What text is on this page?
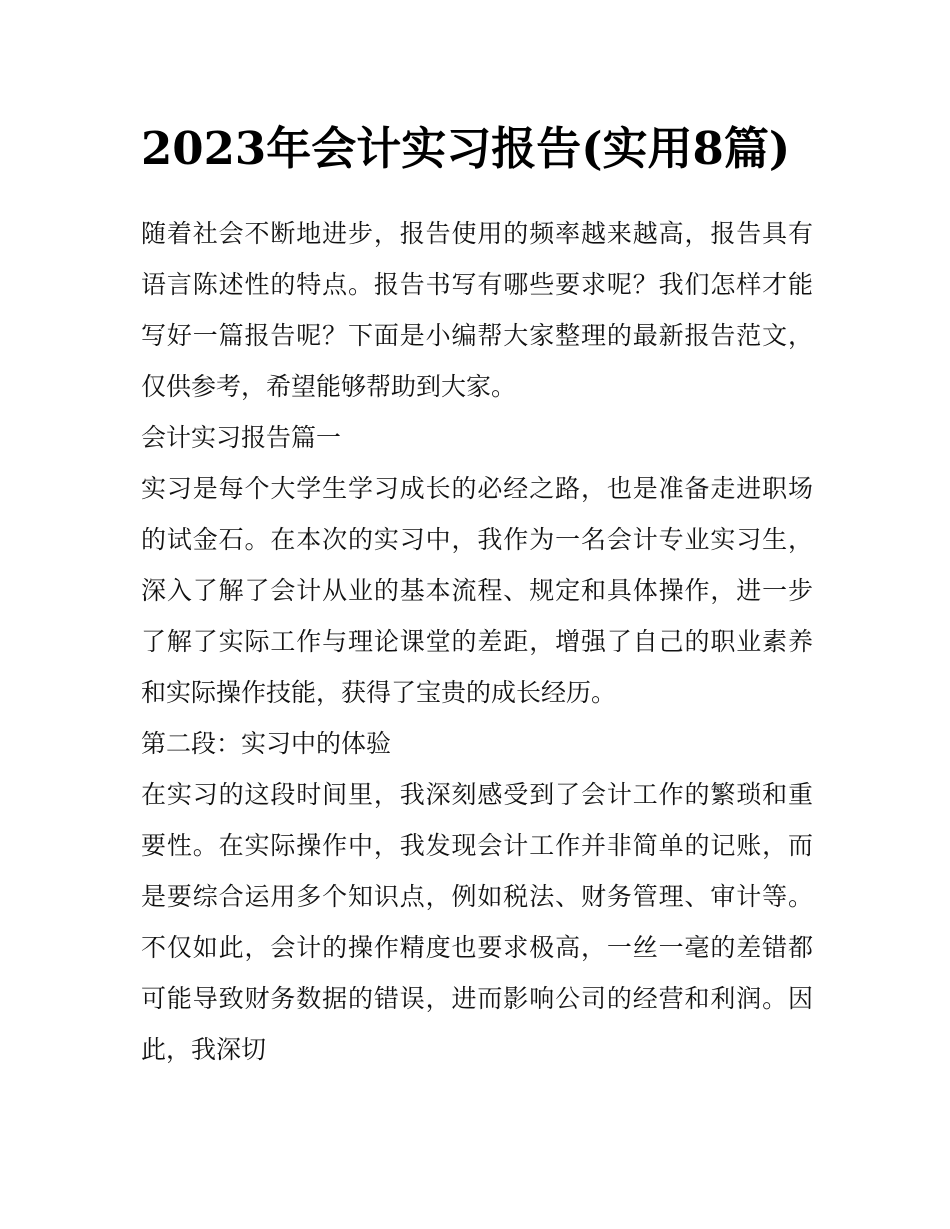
2023年会计实习报告(实用8篇)

随着社会不断地进步，报告使用的频率越来越高，报告具有语言陈述性的特点。报告书写有哪些要求呢？我们怎样才能写好一篇报告呢？下面是小编帮大家整理的最新报告范文，仅供参考，希望能够帮助到大家。

会计实习报告篇一

实习是每个大学生学习成长的必经之路，也是准备走进职场的试金石。在本次的实习中，我作为一名会计专业实习生，深入了解了会计从业的基本流程、规定和具体操作，进一步了解了实际工作与理论课堂的差距，增强了自己的职业素养和实际操作技能，获得了宝贵的成长经历。

第二段：实习中的体验

在实习的这段时间里，我深刻感受到了会计工作的繁琐和重要性。在实际操作中，我发现会计工作并非简单的记账，而是要综合运用多个知识点，例如税法、财务管理、审计等。不仅如此，会计的操作精度也要求极高，一丝一毫的差错都可能导致财务数据的错误，进而影响公司的经营和利润。因此，我深切
